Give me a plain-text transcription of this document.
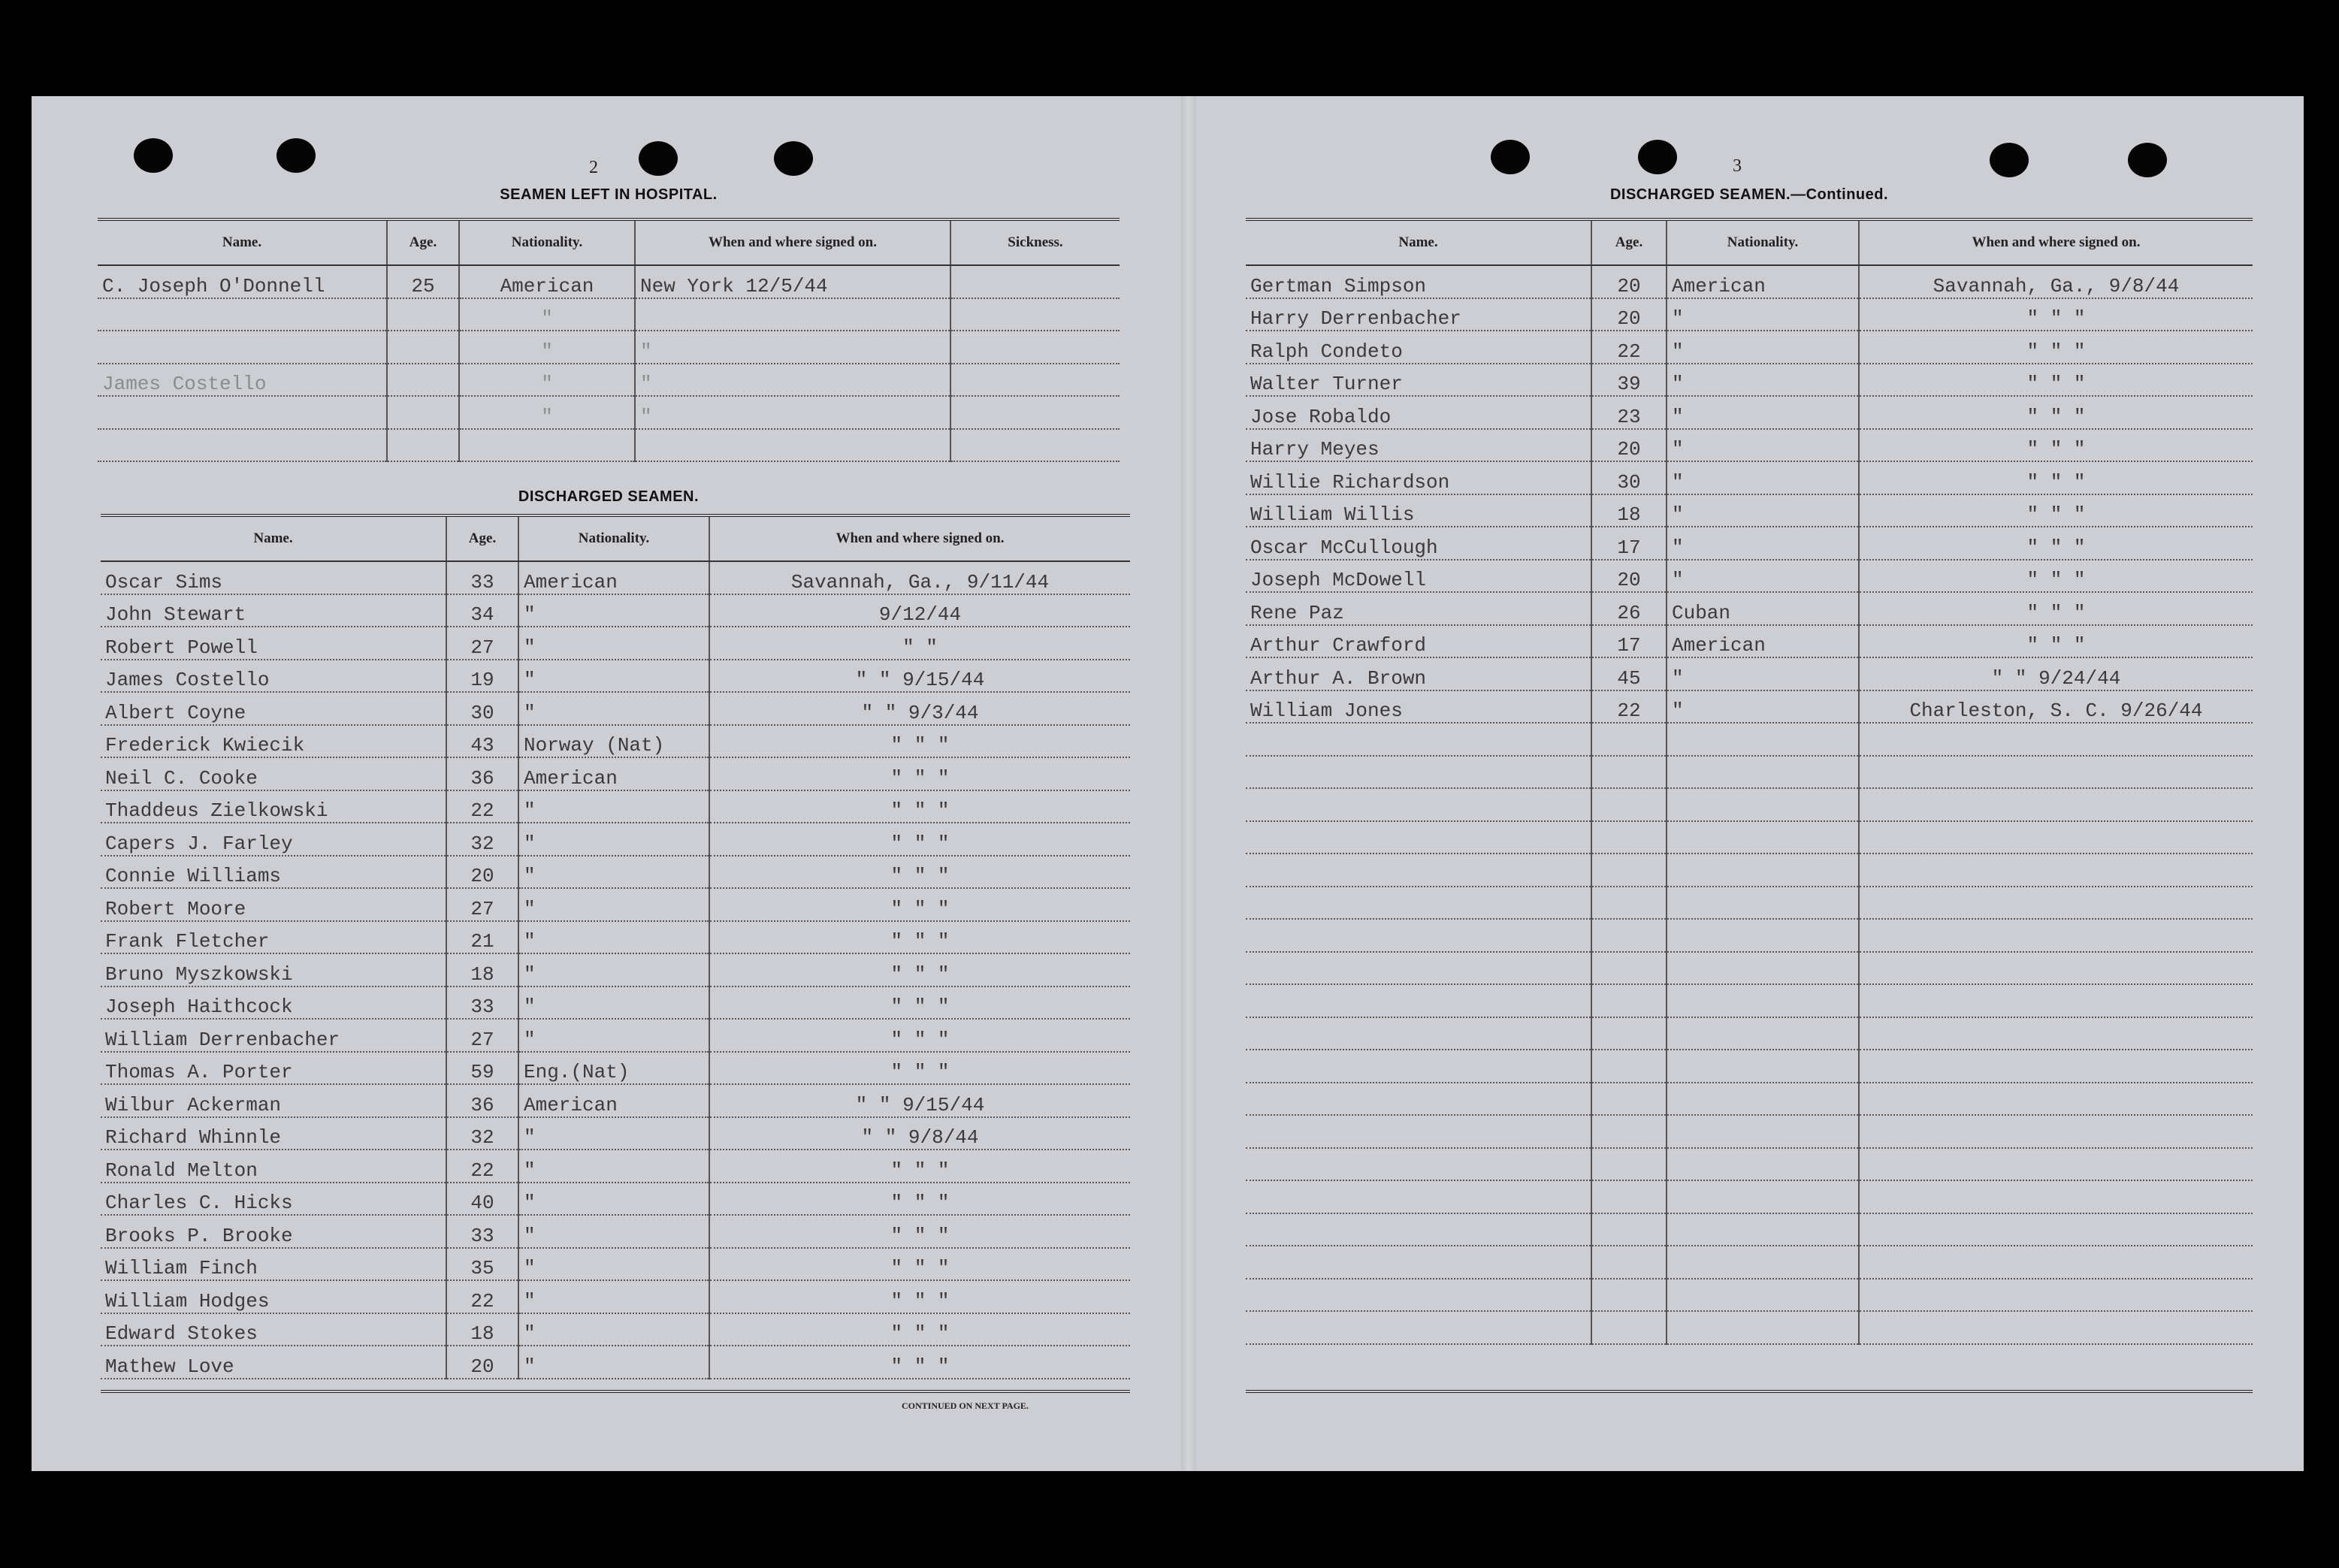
2
SEAMEN LEFT IN HOSPITAL.
Name.	Age.	Nationality.	When and where signed on.	Sickness.
C. Joseph O'Donnell	25	American	New York 12/5/44	
		"		
		"	"	
James Costello		"	"	
		"	"	

DISCHARGED SEAMEN.
Name.	Age.	Nationality.	When and where signed on.
Oscar Sims	33	American	Savannah, Ga., 9/11/44
John Stewart	34	"	9/12/44
Robert Powell	27	"	" "
James Costello	19	"	" " 9/15/44
Albert Coyne	30	"	" " 9/3/44
Frederick Kwiecik	43	Norway (Nat)	" " "
Neil C. Cooke	36	American	" " "
Thaddeus Zielkowski	22	"	" " "
Capers J. Farley	32	"	" " "
Connie Williams	20	"	" " "
Robert Moore	27	"	" " "
Frank Fletcher	21	"	" " "
Bruno Myszkowski	18	"	" " "
Joseph Haithcock	33	"	" " "
William Derrenbacher	27	"	" " "
Thomas A. Porter	59	Eng.(Nat)	" " "
Wilbur Ackerman	36	American	" " 9/15/44
Richard Whinnle	32	"	" " 9/8/44
Ronald Melton	22	"	" " "
Charles C. Hicks	40	"	" " "
Brooks P. Brooke	33	"	" " "
William Finch	35	"	" " "
William Hodges	22	"	" " "
Edward Stokes	18	"	" " "
Mathew Love	20	"	" " "
CONTINUED ON NEXT PAGE.
3
DISCHARGED SEAMEN.—Continued.
Name.	Age.	Nationality.	When and where signed on.
Gertman Simpson	20	American	Savannah, Ga., 9/8/44
Harry Derrenbacher	20	"	" " "
Ralph Condeto	22	"	" " "
Walter Turner	39	"	" " "
Jose Robaldo	23	"	" " "
Harry Meyes	20	"	" " "
Willie Richardson	30	"	" " "
William Willis	18	"	" " "
Oscar McCullough	17	"	" " "
Joseph McDowell	20	"	" " "
Rene Paz	26	Cuban	" " "
Arthur Crawford	17	American	" " "
Arthur A. Brown	45	"	" " 9/24/44
William Jones	22	"	Charleston, S. C. 9/26/44
